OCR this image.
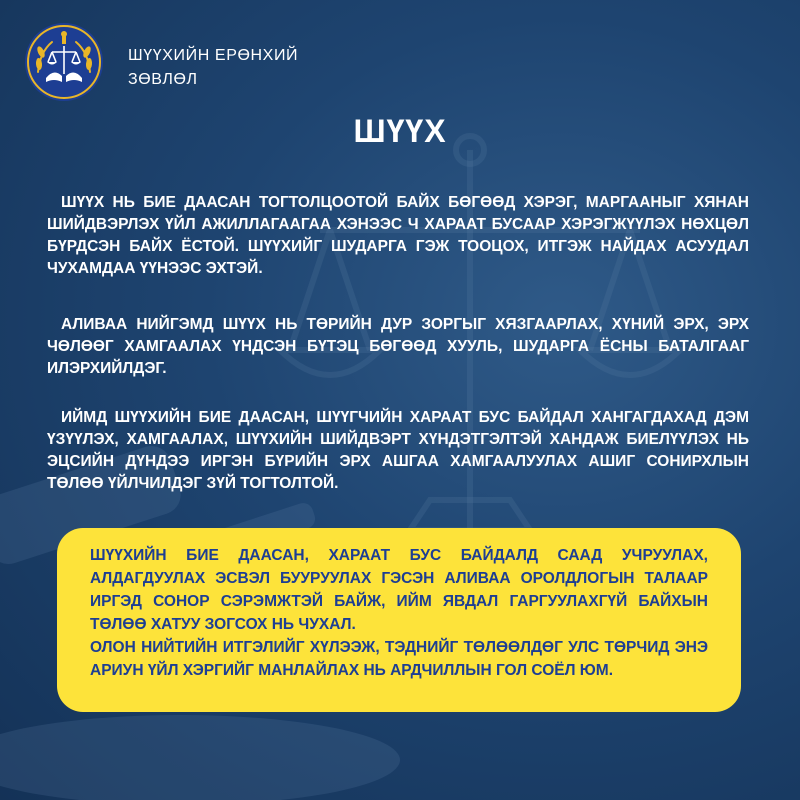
ШҮҮХИЙН ЕРӨНХИЙ
ЗӨВЛӨЛ
ШҮҮХ
ШҮҮХ НЬ БИЕ ДААСАН ТОГТОЛЦООТОЙ БАЙХ БӨГӨӨД ХЭРЭГ, МАРГААНЫГ ХЯНАН ШИЙДВЭРЛЭХ ҮЙЛ АЖИЛЛАГААГАА ХЭНЭЭС Ч ХАРААТ БУСААР ХЭРЭГЖҮҮЛЭХ НӨХЦӨЛ БҮРДСЭН БАЙХ ЁСТОЙ. ШҮҮХИЙГ ШУДАРГА ГЭЖ ТООЦОХ, ИТГЭЖ НАЙДАХ АСУУДАЛ ЧУХАМДАА ҮҮНЭЭС ЭХТЭЙ.
АЛИВАА НИЙГЭМД ШҮҮХ НЬ ТӨРИЙН ДУР ЗОРГЫГ ХЯЗГААРЛАХ, ХҮНИЙ ЭРХ, ЭРХ ЧӨЛӨӨГ ХАМГААЛАХ ҮНДСЭН БҮТЭЦ БӨГӨӨД ХУУЛЬ, ШУДАРГА ЁСНЫ БАТАЛГААГ ИЛЭРХИЙЛДЭГ.
ИЙМД ШҮҮХИЙН БИЕ ДААСАН, ШҮҮГЧИЙН ХАРААТ БУС БАЙДАЛ ХАНГАГДАХАД ДЭМ ҮЗҮҮЛЭХ, ХАМГААЛАХ, ШҮҮХИЙН ШИЙДВЭРТ ХҮНДЭТГЭЛТЭЙ ХАНДАЖ БИЕЛҮҮЛЭХ НЬ ЭЦСИЙН ДҮНДЭЭ ИРГЭН БҮРИЙН ЭРХ АШГАА ХАМГААЛУУЛАХ АШИГ СОНИРХЛЫН ТӨЛӨӨ ҮЙЛЧИЛДЭГ ЗҮЙ ТОГТОЛТОЙ.
ШҮҮХИЙН БИЕ ДААСАН, ХАРААТ БУС БАЙДАЛД СААД УЧРУУЛАХ, АЛДАГДУУЛАХ ЭСВЭЛ БУУРУУЛАХ ГЭСЭН АЛИВАА ОРОЛДЛОГЫН ТАЛААР ИРГЭД СОНОР СЭРЭМЖТЭЙ БАЙЖ, ИЙМ ЯВДАЛ ГАРГУУЛАХГҮЙ БАЙХЫН ТӨЛӨӨ ХАТУУ ЗОГСОХ НЬ ЧУХАЛ.
ОЛОН НИЙТИЙН ИТГЭЛИЙГ ХҮЛЭЭЖ, ТЭДНИЙГ ТӨЛӨӨЛДӨГ УЛС ТӨРЧИД ЭНЭ АРИУН ҮЙЛ ХЭРГИЙГ МАНЛАЙЛАХ НЬ АРДЧИЛЛЫН ГОЛ СОЁЛ ЮМ.
